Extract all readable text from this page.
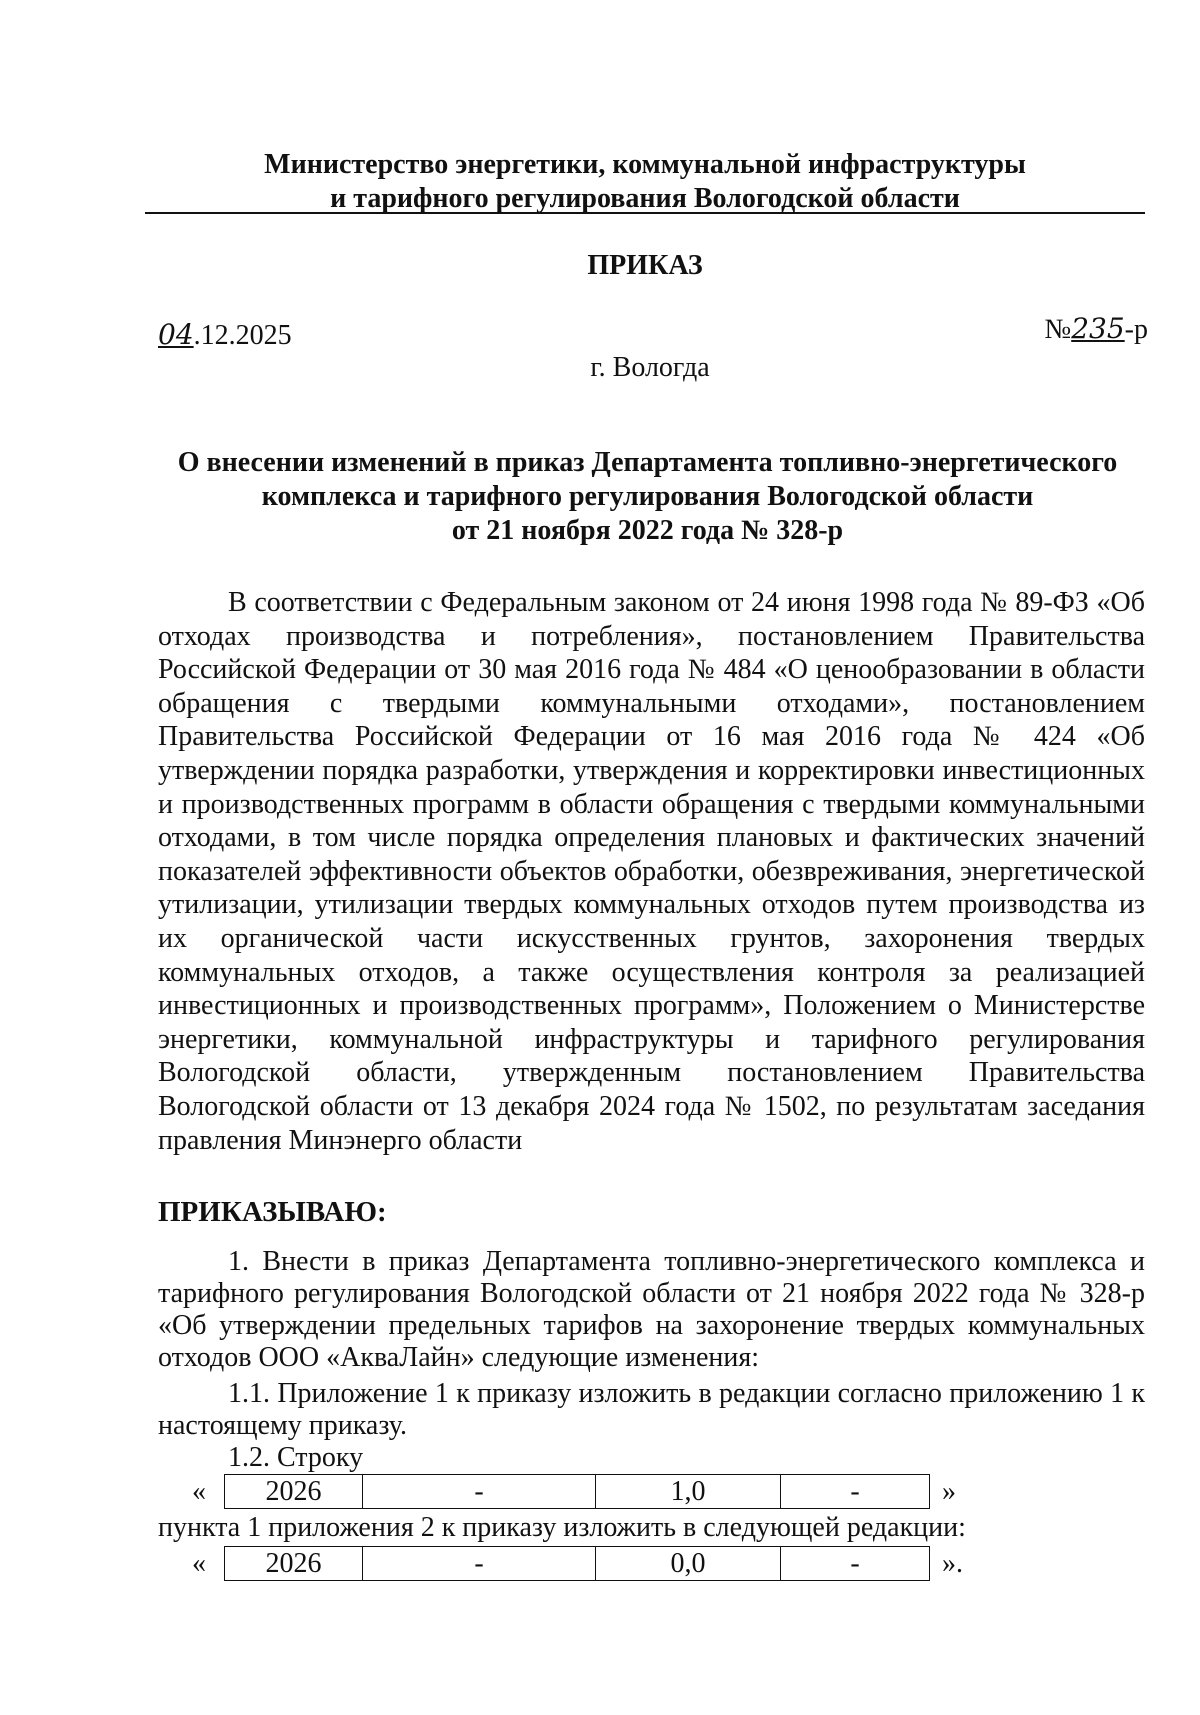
Министерство энергетики, коммунальной инфраструктуры
и тарифного регулирования Вологодской области
ПРИКАЗ
04.12.2025	№235-р
г. Вологда
О внесении изменений в приказ Департамента топливно-энергетического
комплекса и тарифного регулирования Вологодской области
от 21 ноября 2022 года № 328-р

В соответствии с Федеральным законом от 24 июня 1998 года № 89-ФЗ «Об отходах производства и потребления», постановлением Правительства Российской Федерации от 30 мая 2016 года № 484 «О ценообразовании в области обращения с твердыми коммунальными отходами», постановлением Правительства Российской Федерации от 16 мая 2016 года № 424 «Об утверждении порядка разработки, утверждения и корректировки инвестиционных и производственных программ в области обращения с твердыми коммунальными отходами, в том числе порядка определения плановых и фактических значений показателей эффективности объектов обработки, обезвреживания, энергетической утилизации, утилизации твердых коммунальных отходов путем производства из их органической части искусственных грунтов, захоронения твердых коммунальных отходов, а также осуществления контроля за реализацией инвестиционных и производственных программ», Положением о Министерстве энергетики, коммунальной инфраструктуры и тарифного регулирования Вологодской области, утвержденным постановлением Правительства Вологодской области от 13 декабря 2024 года № 1502, по результатам заседания правления Минэнерго области

ПРИКАЗЫВАЮ:

1. Внести в приказ Департамента топливно-энергетического комплекса и тарифного регулирования Вологодской области от 21 ноября 2022 года № 328-р «Об утверждении предельных тарифов на захоронение твердых коммунальных отходов ООО «АкваЛайн» следующие изменения:

1.1. Приложение 1 к приказу изложить в редакции согласно приложению 1 к настоящему приказу.

1.2. Строку
«	2026	-	1,0	-	»
пункта 1 приложения 2 к приказу изложить в следующей редакции:
«	2026	-	0,0	-	».
